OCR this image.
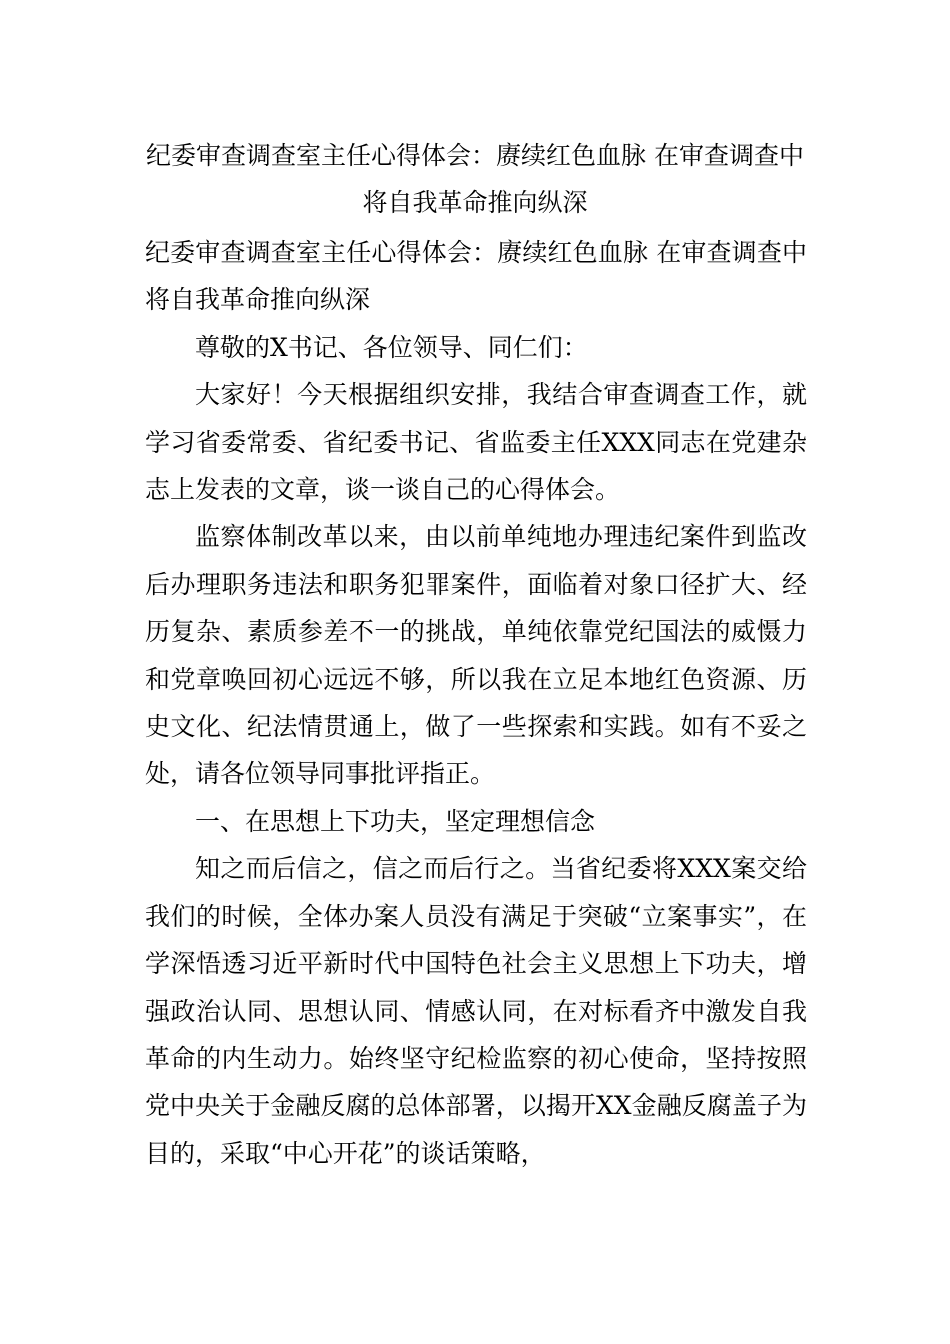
纪委审查调查室主任心得体会：赓续红色血脉 在审查调查中将自我革命推向纵深

纪委审查调查室主任心得体会：赓续红色血脉 在审查调查中将自我革命推向纵深

尊敬的X书记、各位领导、同仁们：

大家好！今天根据组织安排，我结合审查调查工作，就学习省委常委、省纪委书记、省监委主任XXX同志在党建杂志上发表的文章，谈一谈自己的心得体会。

监察体制改革以来，由以前单纯地办理违纪案件到监改后办理职务违法和职务犯罪案件，面临着对象口径扩大、经历复杂、素质参差不一的挑战，单纯依靠党纪国法的威慑力和党章唤回初心远远不够，所以我在立足本地红色资源、历史文化、纪法情贯通上，做了一些探索和实践。如有不妥之处，请各位领导同事批评指正。

一、在思想上下功夫，坚定理想信念

知之而后信之，信之而后行之。当省纪委将XXX案交给我们的时候，全体办案人员没有满足于突破“立案事实”，在学深悟透习近平新时代中国特色社会主义思想上下功夫，增强政治认同、思想认同、情感认同，在对标看齐中激发自我革命的内生动力。始终坚守纪检监察的初心使命，坚持按照党中央关于金融反腐的总体部署，以揭开XX金融反腐盖子为目的，采取“中心开花”的谈话策略，
